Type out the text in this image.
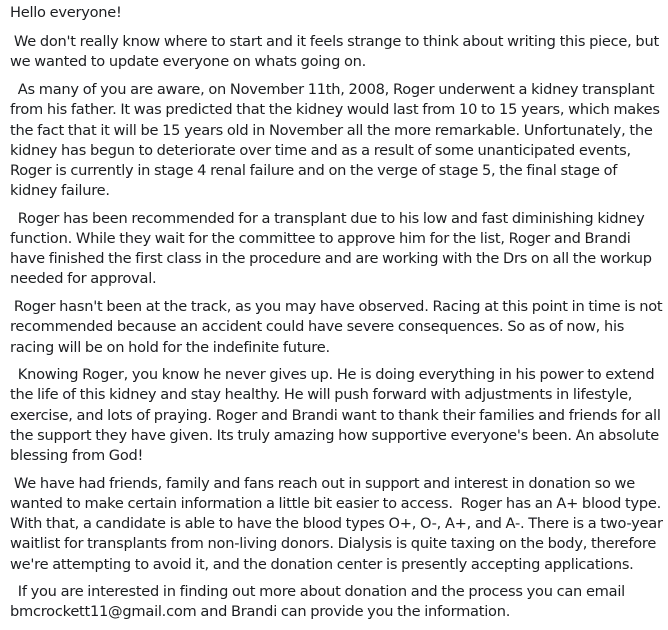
Hello everyone!

We don't really know where to start and it feels strange to think about writing this piece, but we wanted to update everyone on whats going on.

As many of you are aware, on November 11th, 2008, Roger underwent a kidney transplant from his father. It was predicted that the kidney would last from 10 to 15 years, which makes the fact that it will be 15 years old in November all the more remarkable. Unfortunately, the kidney has begun to deteriorate over time and as a result of some unanticipated events, Roger is currently in stage 4 renal failure and on the verge of stage 5, the final stage of kidney failure.

Roger has been recommended for a transplant due to his low and fast diminishing kidney function. While they wait for the committee to approve him for the list, Roger and Brandi have finished the first class in the procedure and are working with the Drs on all the workup needed for approval.

Roger hasn't been at the track, as you may have observed. Racing at this point in time is not recommended because an accident could have severe consequences. So as of now, his racing will be on hold for the indefinite future.

Knowing Roger, you know he never gives up. He is doing everything in his power to extend the life of this kidney and stay healthy. He will push forward with adjustments in lifestyle, exercise, and lots of praying. Roger and Brandi want to thank their families and friends for all the support they have given. Its truly amazing how supportive everyone's been. An absolute blessing from God!

We have had friends, family and fans reach out in support and interest in donation so we wanted to make certain information a little bit easier to access.  Roger has an A+ blood type. With that, a candidate is able to have the blood types O+, O-, A+, and A-. There is a two-year waitlist for transplants from non-living donors. Dialysis is quite taxing on the body, therefore we're attempting to avoid it, and the donation center is presently accepting applications.

If you are interested in finding out more about donation and the process you can email bmcrockett11@gmail.com and Brandi can provide you the information.
